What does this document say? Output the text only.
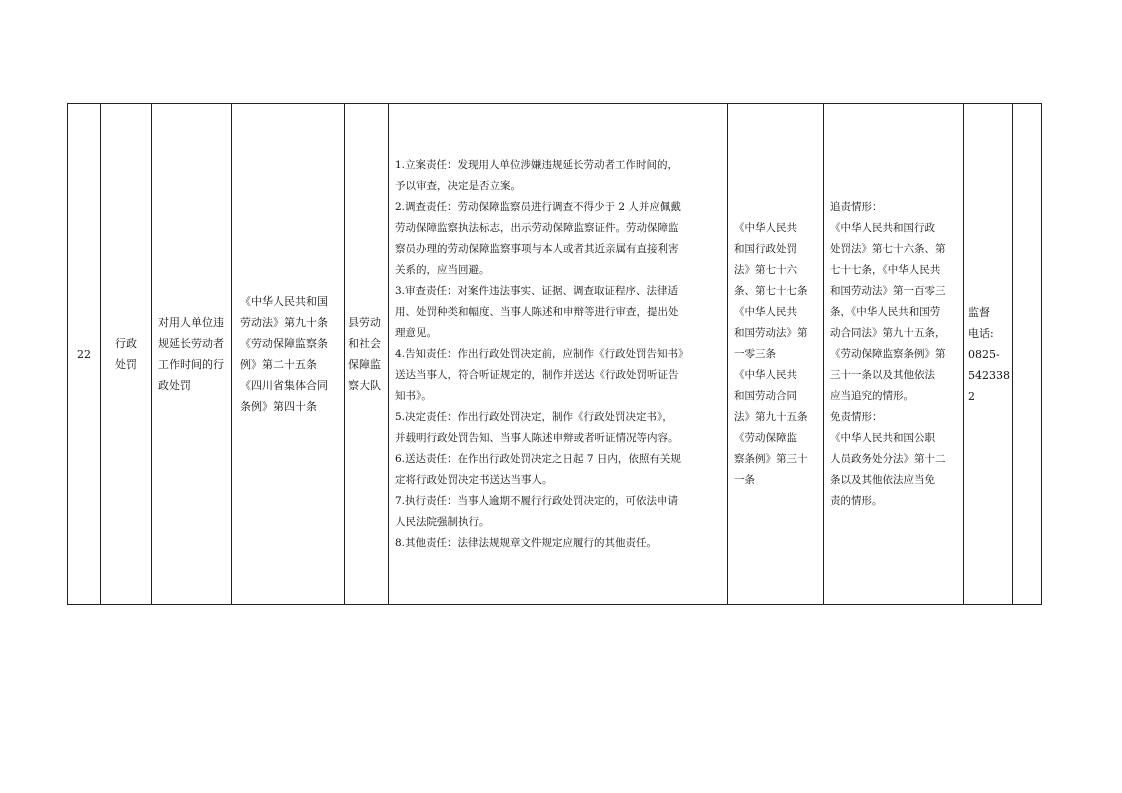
22	
行政
处罚

对用人单位违
规延长劳动者
工作时间的行
政处罚

《中华人民共和国
劳动法》第九十条
《劳动保障监察条
例》第二十五条
《四川省集体合同
条例》第四十条

县劳动
和社会
保障监
察大队

1.立案责任：发现用人单位涉嫌违规延长劳动者工作时间的，
予以审查，决定是否立案。
2.调查责任：劳动保障监察员进行调查不得少于 2 人并应佩戴
劳动保障监察执法标志，出示劳动保障监察证件。劳动保障监
察员办理的劳动保障监察事项与本人或者其近亲属有直接利害
关系的，应当回避。
3.审查责任：对案件违法事实、证据、调查取证程序、法律适
用、处罚种类和幅度、当事人陈述和申辩等进行审查，提出处
理意见。
4.告知责任：作出行政处罚决定前，应制作《行政处罚告知书》
送达当事人，符合听证规定的，制作并送达《行政处罚听证告
知书》。
5.决定责任：作出行政处罚决定，制作《行政处罚决定书》，
并载明行政处罚告知、当事人陈述申辩或者听证情况等内容。
6.送达责任：在作出行政处罚决定之日起 7 日内，依照有关规
定将行政处罚决定书送达当事人。
7.执行责任：当事人逾期不履行行政处罚决定的，可依法申请
人民法院强制执行。
8.其他责任：法律法规规章文件规定应履行的其他责任。

《中华人民共
和国行政处罚
法》第七十六
条、第七十七条
《中华人民共
和国劳动法》第
一零三条
《中华人民共
和国劳动合同
法》第九十五条
《劳动保障监
察条例》第三十
一条

追责情形：
《中华人民共和国行政
处罚法》第七十六条、第
七十七条，《中华人民共
和国劳动法》第一百零三
条，《中华人民共和国劳
动合同法》第九十五条，
《劳动保障监察条例》第
三十一条以及其他依法
应当追究的情形。
免责情形：
《中华人民共和国公职
人员政务处分法》第十二
条以及其他依法应当免
责的情形。

监督
电话:
0825-
5423382
